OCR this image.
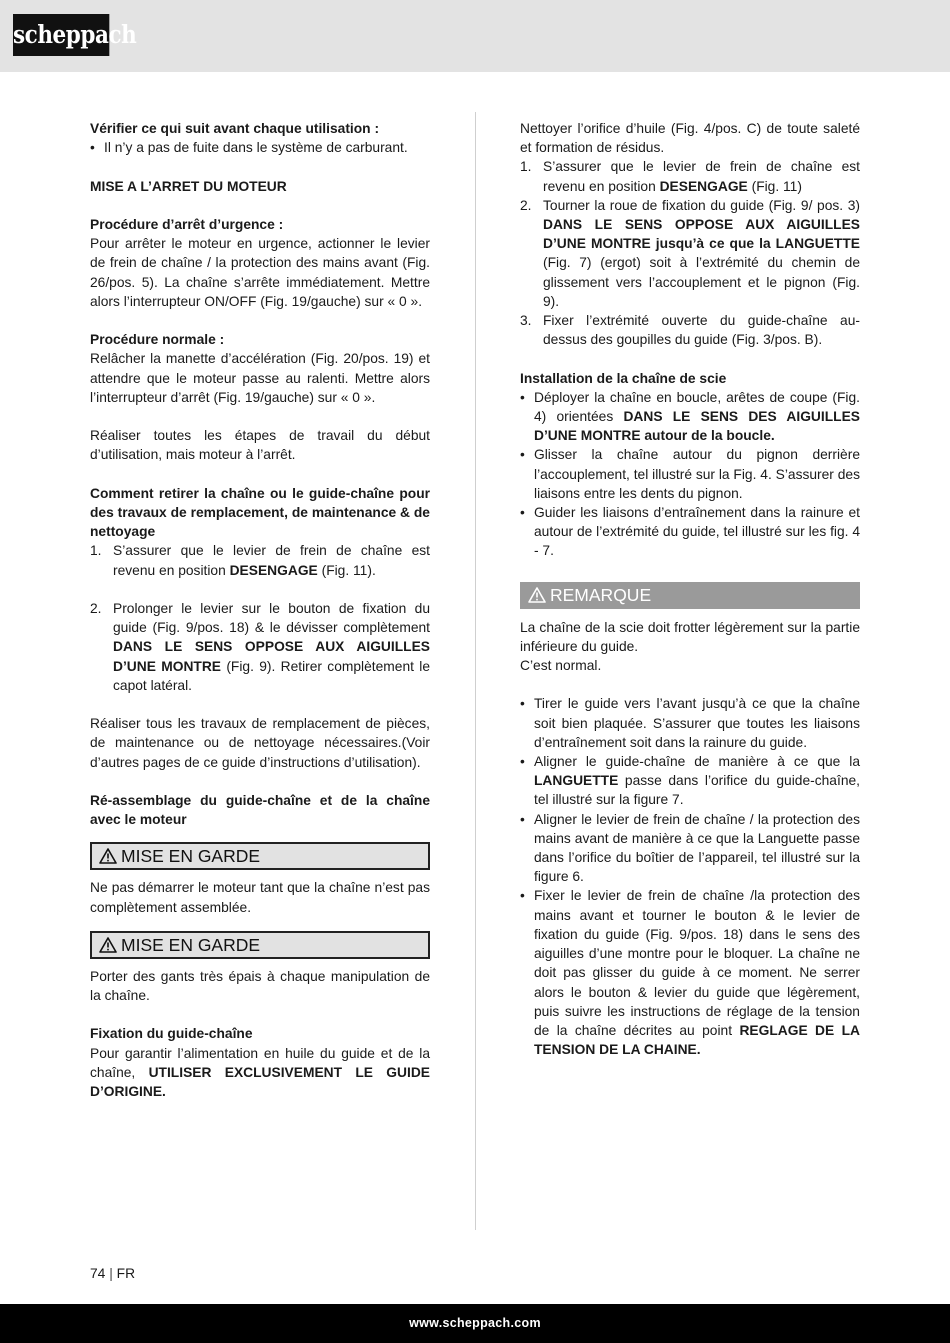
scheppach

Vérifier ce qui suit avant chaque utilisation :

• Il n’y a pas de fuite dans le système de carburant.

MISE A L’ARRET DU MOTEUR

Procédure d’arrêt d’urgence :

Pour arrêter le moteur en urgence, actionner le levier de frein de chaîne / la protection des mains avant (Fig. 26/pos. 5). La chaîne s’arrête immédiatement. Mettre alors l’interrupteur ON/OFF (Fig. 19/gauche) sur « 0 ».

Procédure normale :

Relâcher la manette d’accélération (Fig. 20/pos. 19) et attendre que le moteur passe au ralenti. Mettre alors l’interrupteur d’arrêt (Fig. 19/gauche) sur « 0 ».

Réaliser toutes les étapes de travail du début d’utilisation, mais moteur à l’arrêt.

Comment retirer la chaîne ou le guide-chaîne pour des travaux de remplacement, de maintenance & de nettoyage

1. S’assurer que le levier de frein de chaîne est revenu en position DESENGAGE (Fig. 11).
2. Prolonger le levier sur le bouton de fixation du guide (Fig. 9/pos. 18) & le dévisser complètement DANS LE SENS OPPOSE AUX AIGUILLES D’UNE MONTRE (Fig. 9). Retirer complètement le capot latéral.

Réaliser tous les travaux de remplacement de pièces, de maintenance ou de nettoyage nécessaires.(Voir d’autres pages de ce guide d’instructions d’utilisation).

Ré-assemblage du guide-chaîne et de la chaîne avec le moteur

MISE EN GARDE

Ne pas démarrer le moteur tant que la chaîne n’est pas complètement assemblée.

MISE EN GARDE

Porter des gants très épais à chaque manipulation de la chaîne.

Fixation du guide-chaîne

Pour garantir l’alimentation en huile du guide et de la chaîne, UTILISER EXCLUSIVEMENT LE GUIDE D’ORIGINE.

Nettoyer l’orifice d’huile (Fig. 4/pos. C) de toute saleté et formation de résidus.

1. S’assurer que le levier de frein de chaîne est revenu en position DESENGAGE (Fig. 11)
2. Tourner la roue de fixation du guide (Fig. 9/ pos. 3) DANS LE SENS OPPOSE AUX AIGUILLES D’UNE MONTRE jusqu’à ce que la LANGUETTE (Fig. 7) (ergot) soit à l’extrémité du chemin de glissement vers l’accouplement et le pignon (Fig. 9).
3. Fixer l’extrémité ouverte du guide-chaîne au-dessus des goupilles du guide (Fig. 3/pos. B).

Installation de la chaîne de scie

• Déployer la chaîne en boucle, arêtes de coupe (Fig. 4) orientées DANS LE SENS DES AIGUILLES D’UNE MONTRE autour de la boucle.
• Glisser la chaîne autour du pignon derrière l’accouplement, tel illustré sur la Fig. 4. S’assurer des liaisons entre les dents du pignon.
• Guider les liaisons d’entraînement dans la rainure et autour de l’extrémité du guide, tel illustré sur les fig. 4 - 7.
REMARQUE

La chaîne de la scie doit frotter légèrement sur la partie inférieure du guide.

C’est normal.

• Tirer le guide vers l’avant jusqu’à ce que la chaîne soit bien plaquée. S’assurer que toutes les liaisons d’entraînement soit dans la rainure du guide.
• Aligner le guide-chaîne de manière à ce que la LANGUETTE passe dans l’orifice du guide-chaîne, tel illustré sur la figure 7.
• Aligner le levier de frein de chaîne / la protection des mains avant de manière à ce que la Languette passe dans l’orifice du boîtier de l’appareil, tel illustré sur la figure 6.
• Fixer le levier de frein de chaîne /la protection des mains avant et tourner le bouton & le levier de fixation du guide (Fig. 9/pos. 18) dans le sens des aiguilles d’une montre pour le bloquer. La chaîne ne doit pas glisser du guide à ce moment. Ne serrer alors le bouton & levier du guide que légèrement, puis suivre les instructions de réglage de la tension de la chaîne décrites au point REGLAGE DE LA TENSION DE LA CHAINE.
74 | FR
www.scheppach.com
